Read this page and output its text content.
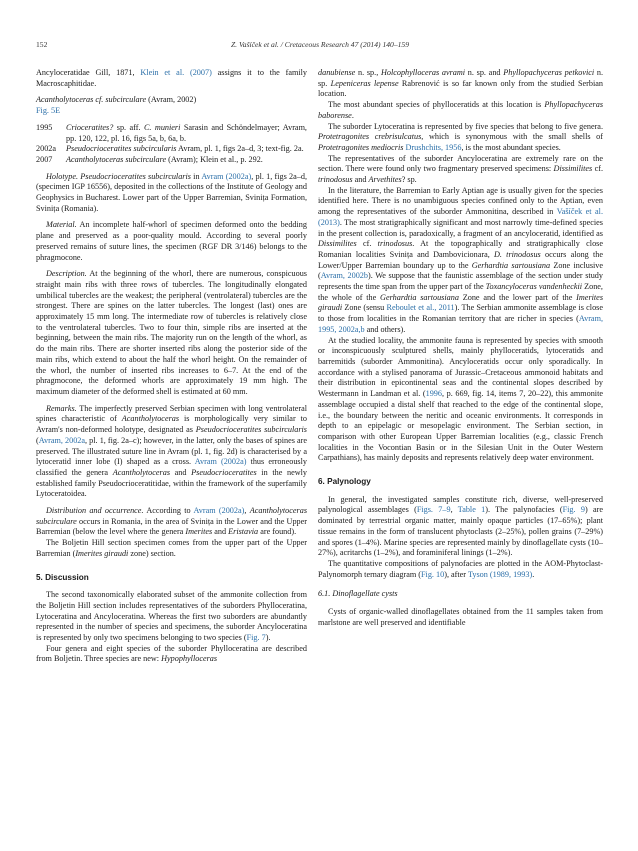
152	Z. Vašíček et al. / Cretaceous Research 47 (2014) 140–159

Ancyloceratidae Gill, 1871, Klein et al. (2007) assigns it to the family Macroscaphitidae.

Acantholytoceras cf. subcirculare (Avram, 2002)

Fig. 5E

1995	Crioceratites? sp. aff. C. munieri Sarasin and Schöndelmayer; Avram, pp. 120, 122, pl. 16, figs 5a, b, 6a, b.
2002a	Pseudocrioceratites subcircularis Avram, pl. 1, figs 2a–d, 3; text-fig. 2a.
2007	Acantholytoceras subcirculare (Avram); Klein et al., p. 292.

Holotype. Pseudocrioceratites subcircularis in Avram (2002a), pl. 1, figs 2a–d, (specimen IGP 16556), deposited in the collections of the Institute of Geology and Geophysics in Bucharest. Lower part of the Upper Barremian, Svinița Formation, Svinița (Romania).

Material. An incomplete half-whorl of specimen deformed onto the bedding plane and preserved as a poor-quality mould. According to several poorly preserved remains of suture lines, the specimen (RGF DR 3/146) belongs to the phragmocone.

Description. At the beginning of the whorl, there are numerous, conspicuous straight main ribs with three rows of tubercles. The longitudinally elongated umbilical tubercles are the weakest; the peripheral (ventrolateral) tubercles are the strongest. There are spines on the latter tubercles. The longest (last) ones are approximately 15 mm long. The intermediate row of tubercles is relatively close to the ventrolateral tubercles. Two to four thin, simple ribs are inserted at the beginning, between the main ribs. The majority run on the length of the whorl, as do the main ribs. There are shorter inserted ribs along the posterior side of the main ribs, which extend to about the half the whorl height. On the remainder of the whorl, the number of inserted ribs increases to 6–7. At the end of the phragmocone, the deformed whorls are approximately 19 mm high. The maximum diameter of the deformed shell is estimated at 60 mm.

Remarks. The imperfectly preserved Serbian specimen with long ventrolateral spines characteristic of Acantholytoceras is morphologically very similar to Avram's non-deformed holotype, designated as Pseudocrioceratites subcircularis (Avram, 2002a, pl. 1, fig. 2a–c); however, in the latter, only the bases of spines are preserved. The illustrated suture line in Avram (pl. 1, fig. 2d) is characterised by a lytoceratid inner lobe (I) shaped as a cross. Avram (2002a) thus erroneously classified the genera Acantholytoceras and Pseudocrioceratites in the newly established family Pseudocrioceratitidae, within the framework of the superfamily Lytoceratoidea.

Distribution and occurrence. According to Avram (2002a), Acantholytoceras subcirculare occurs in Romania, in the area of Svinița in the Lower and the Upper Barremian (below the level where the genera Imerites and Eristavia are found).

The Boljetin Hill section specimen comes from the upper part of the Upper Barremian (Imerites giraudi zone) section.

5. Discussion

The second taxonomically elaborated subset of the ammonite collection from the Boljetin Hill section includes representatives of the suborders Phylloceratina, Lytoceratina and Ancyloceratina. Whereas the first two suborders are abundantly represented in the number of species and specimens, the suborder Ancyloceratina is represented by only two specimens belonging to two species (Fig. 7).

Four genera and eight species of the suborder Phylloceratina are described from Boljetin. Three species are new: Hypophylloceras

danubiense n. sp., Holcophylloceras avrami n. sp. and Phyllopachyceras petkovici n. sp. Lepeniceras lepense Rabrenović is so far known only from the studied Serbian location.

The most abundant species of phylloceratids at this location is Phyllopachyceras baborense.

The suborder Lytoceratina is represented by five species that belong to five genera. Protetragonites crebrisulcatus, which is synonymous with the small shells of Protetragonites mediocris Drushchits, 1956, is the most abundant species.

The representatives of the suborder Ancyloceratina are extremely rare on the section. There were found only two fragmentary preserved specimens: Dissimilites cf. trinodosus and Arvethites? sp.

In the literature, the Barremian to Early Aptian age is usually given for the species identified here. There is no unambiguous species confined only to the Aptian, even among the representatives of the suborder Ammonitina, described in Vašíček et al. (2013). The most stratigraphically significant and most narrowly time-defined species in the present collection is, paradoxically, a fragment of an ancyloceratid, identified as Dissimilites cf. trinodosus. At the topographically and stratigraphically close Romanian localities Svinița and Dambovicionara, D. trinodosus occurs along the Lower/Upper Barremian boundary up to the Gerhardtia sartousiana Zone inclusive (Avram, 2002b). We suppose that the faunistic assemblage of the section under study represents the time span from the upper part of the Toxancyloceras vandenheckii Zone, the whole of the Gerhardtia sartousiana Zone and the lower part of the Imerites giraudi Zone (sensu Reboulet et al., 2011). The Serbian ammonite assemblage is close to those from localities in the Romanian territory that are richer in species (Avram, 1995, 2002a,b and others).

At the studied locality, the ammonite fauna is represented by species with smooth or inconspicuously sculptured shells, mainly phylloceratids, lytoceratids and barremitids (suborder Ammonitina). Ancyloceratids occur only sporadically. In accordance with a stylised panorama of Jurassic–Cretaceous ammonoid habitats and their distribution in epicontinental seas and the continental slopes described by Westermann in Landman et al. (1996, p. 669, fig. 14, items 7, 20–22), this ammonite assemblage occupied a distal shelf that reached to the edge of the continental slope, i.e., the boundary between the neritic and oceanic environments. It corresponds in depth to an epipelagic or mesopelagic environment. The Serbian section, in comparison with other European Upper Barremian localities (e.g., classic French localities in the Vocontian Basin or in the Silesian Unit in the Outer Western Carpathians), has mainly deposits and represents relatively deep water environment.

6. Palynology

In general, the investigated samples constitute rich, diverse, well-preserved palynological assemblages (Figs. 7–9, Table 1). The palynofacies (Fig. 9) are dominated by terrestrial organic matter, mainly opaque particles (17–65%); plant tissue remains in the form of translucent phytoclasts (2–25%), pollen grains (7–29%) and spores (1–4%). Marine species are represented mainly by dinoflagellate cysts (10–27%), acritarchs (1–2%), and foraminiferal linings (1–2%).

The quantitative compositions of palynofacies are plotted in the AOM-Phytoclast-Palynomorph ternary diagram (Fig. 10), after Tyson (1989, 1993).

6.1. Dinoflagellate cysts

Cysts of organic-walled dinoflagellates obtained from the 11 samples taken from marlstone are well preserved and identifiable
